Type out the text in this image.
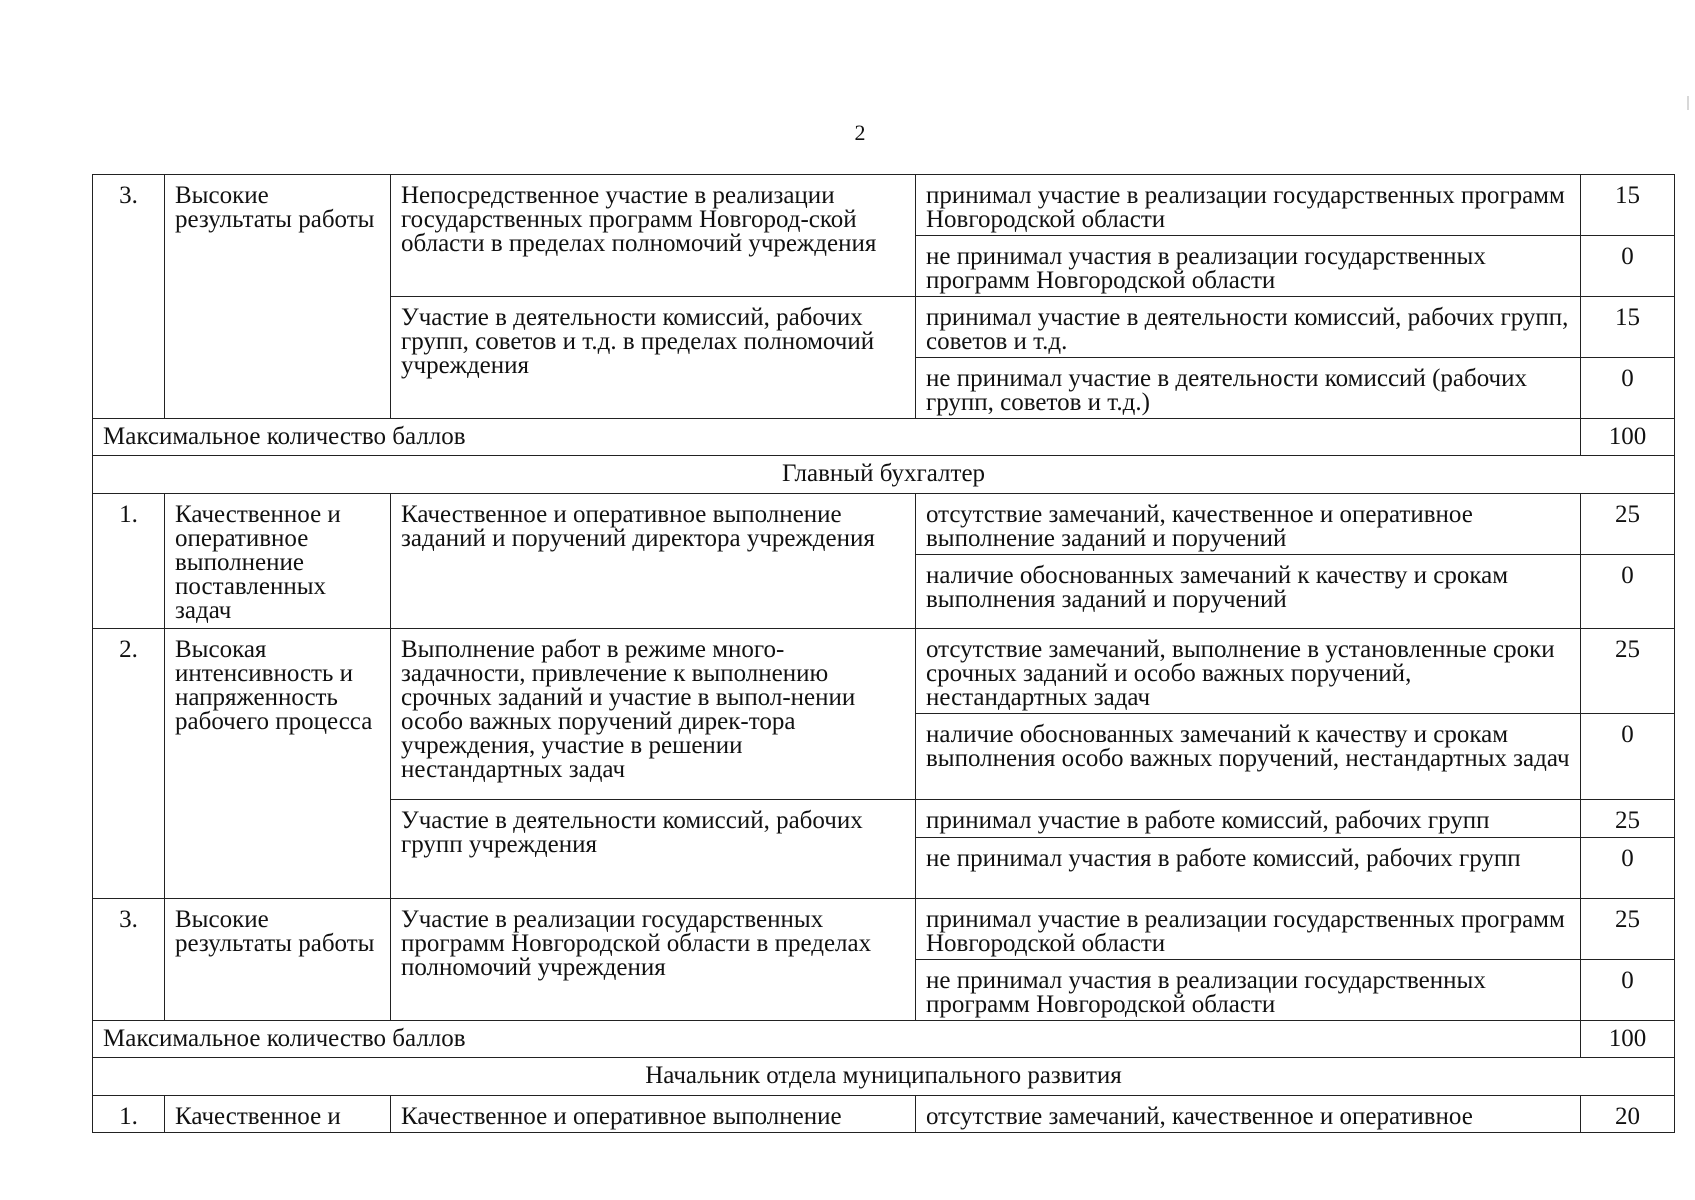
2
3.	Высокие результаты работы	Непосредственное участие в реализации государственных программ Новгород-ской области в пределах полномочий учреждения	принимал участие в реализации государственных программ Новгородской области	15
			не принимал участия в реализации государственных программ Новгородской области	0
		Участие в деятельности комиссий, рабочих групп, советов и т.д. в пределах полномочий учреждения	принимал участие в деятельности комиссий, рабочих групп, советов и т.д.	15
			не принимал участие в деятельности комиссий (рабочих групп, советов и т.д.)	0
Максимальное количество баллов				100
Главный бухгалтер				
1.	Качественное и оперативное выполнение поставленных задач	Качественное и оперативное выполнение заданий и поручений директора учреждения	отсутствие замечаний, качественное и оперативное выполнение заданий и поручений	25
			наличие обоснованных замечаний к качеству и срокам выполнения заданий и поручений	0
2.	Высокая интенсивность и напряженность рабочего процесса	Выполнение работ в режиме много-задачности, привлечение к выполнению срочных заданий и участие в выпол-нении особо важных поручений дирек-тора учреждения, участие в решении нестандартных задач	отсутствие замечаний, выполнение в установленные сроки срочных заданий и особо важных поручений, нестандартных задач	25
			наличие обоснованных замечаний к качеству и срокам выполнения особо важных поручений, нестандартных задач	0
		Участие в деятельности комиссий, рабочих групп учреждения	принимал участие в работе комиссий, рабочих групп	25
			не принимал участия в работе комиссий, рабочих групп	0
3.	Высокие результаты работы	Участие в реализации государственных программ Новгородской области в пределах полномочий учреждения	принимал участие в реализации государственных программ Новгородской области	25
			не принимал участия в реализации государственных программ Новгородской области	0
Максимальное количество баллов				100
Начальник отдела муниципального развития				
1.	Качественное и	Качественное и оперативное выполнение	отсутствие замечаний, качественное и оперативное	20
